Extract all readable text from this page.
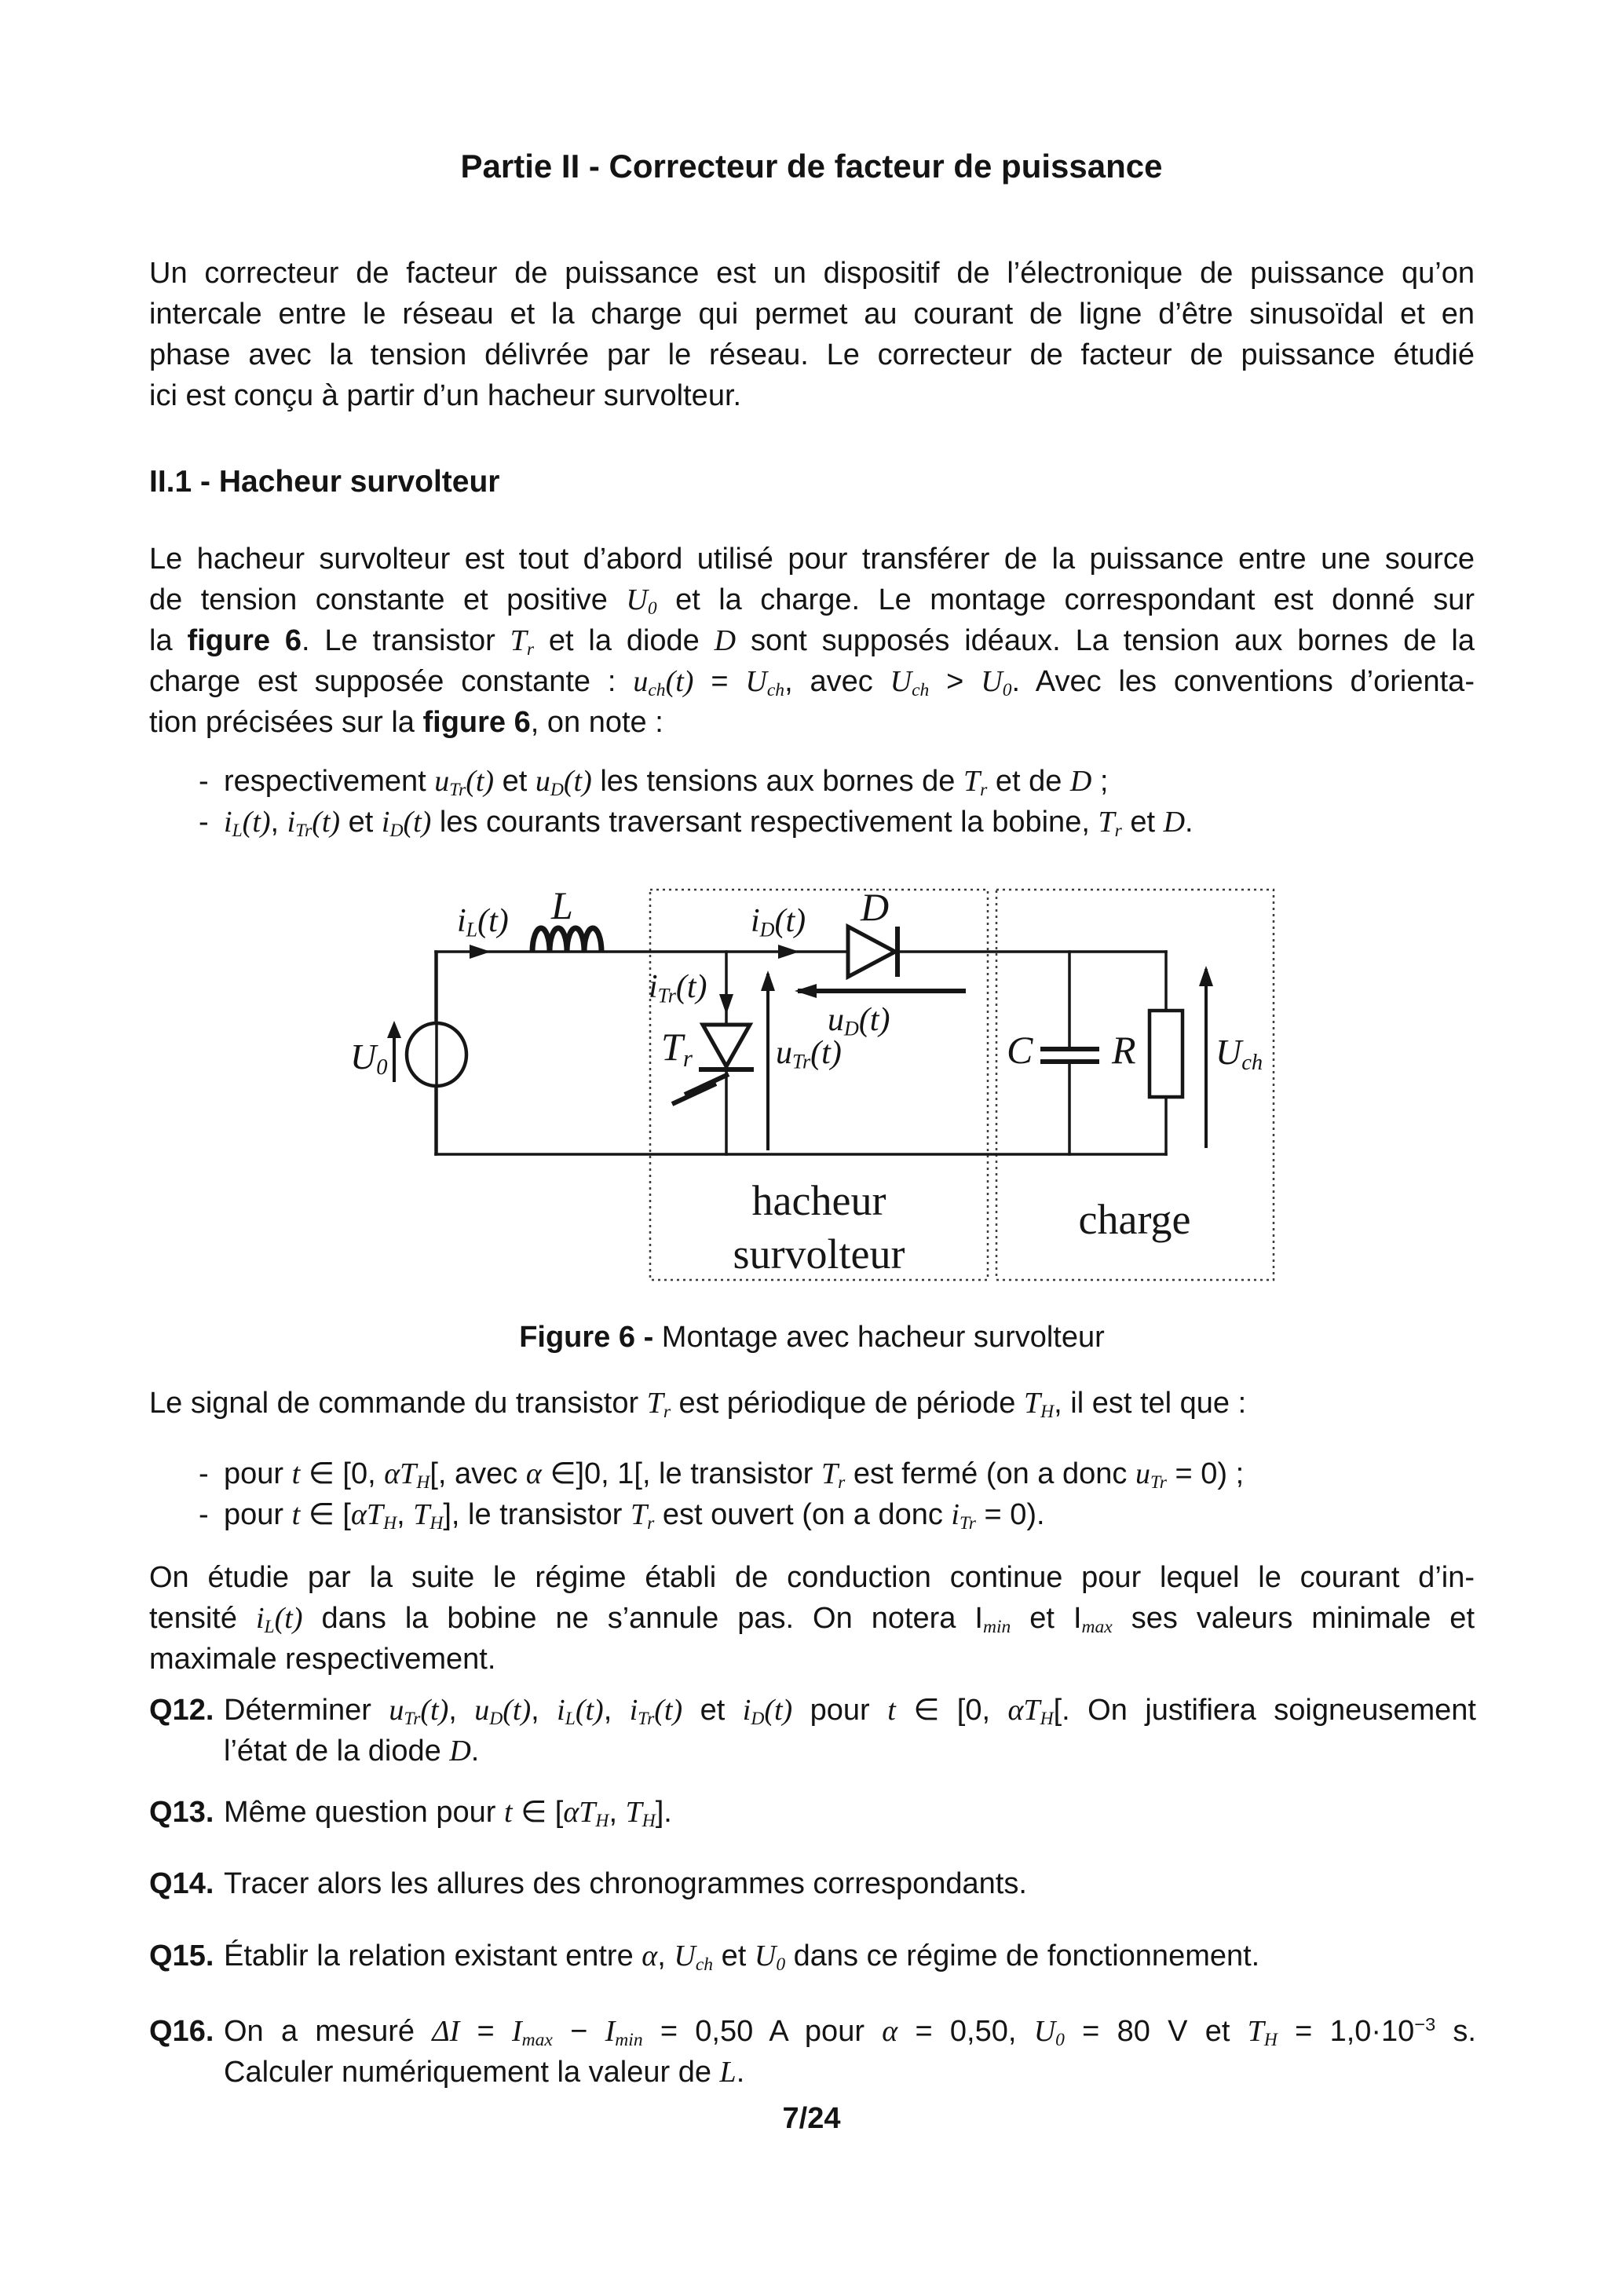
Partie II - Correcteur de facteur de puissance
Un correcteur de facteur de puissance est un dispositif de l’électronique de puissance qu’on
intercale entre le réseau et la charge qui permet au courant de ligne d’être sinusoïdal et en
phase avec la tension délivrée par le réseau. Le correcteur de facteur de puissance étudié
ici est conçu à partir d’un hacheur survolteur.
II.1 - Hacheur survolteur
Le hacheur survolteur est tout d’abord utilisé pour transférer de la puissance entre une source
de tension constante et positive $U_0$ et la charge. Le montage correspondant est donné sur
la figure 6. Le transistor $T_r$ et la diode D sont supposés idéaux. La tension aux bornes de la
charge est supposée constante : $u_{ch}(t) = U_{ch}$, avec $U_{ch} > U_0$. Avec les conventions d’orienta-
tion précisées sur la figure 6, on note :
- respectivement $u_{Tr}(t)$ et $u_D(t)$ les tensions aux bornes de $T_r$ et de D ;
- $i_L(t)$, $i_{Tr}(t)$ et $i_D(t)$ les courants traversant respectivement la bobine, $T_r$ et D.
$U_0$
$i_L(t)$ L
$i_{Tr}(t)$
$T_r$	$u_{Tr}(t)$
$i_D(t)$ D
$u_D(t)$
C R $U_{ch}$
hacheur
survolteur
charge
Figure 6 - Montage avec hacheur survolteur
Le signal de commande du transistor $T_r$ est périodique de période $T_H$, il est tel que :
- pour t ∈ [0, $\alpha T_H$[, avec α ∈]0, 1[, le transistor $T_r$ est fermé (on a donc $u_{Tr} = 0$) ;
- pour t ∈ [$\alpha T_H$, $T_H$], le transistor $T_r$ est ouvert (on a donc $i_{Tr} = 0$).
On étudie par la suite le régime établi de conduction continue pour lequel le courant d’in-
tensité $i_L(t)$ dans la bobine ne s’annule pas. On notera $I_{min}$ et $I_{max}$ ses valeurs minimale et
maximale respectivement.
Q12. Déterminer $u_{Tr}(t)$, $u_D(t)$, $i_L(t)$, $i_{Tr}(t)$ et $i_D(t)$ pour t ∈ [0, $\alpha T_H$[. On justifiera soigneusement
l’état de la diode D.
Q13. Même question pour t ∈ [$\alpha T_H$, $T_H$].
Q14. Tracer alors les allures des chronogrammes correspondants.
Q15. Établir la relation existant entre α, $U_{ch}$ et $U_0$ dans ce régime de fonctionnement.
Q16. On a mesuré $\Delta I = I_{max} - I_{min} = 0,50$ A pour α = 0,50, $U_0 = 80$ V et $T_H = 1,0\cdot 10^{-3}$ s.
Calculer numériquement la valeur de L.
7/24
